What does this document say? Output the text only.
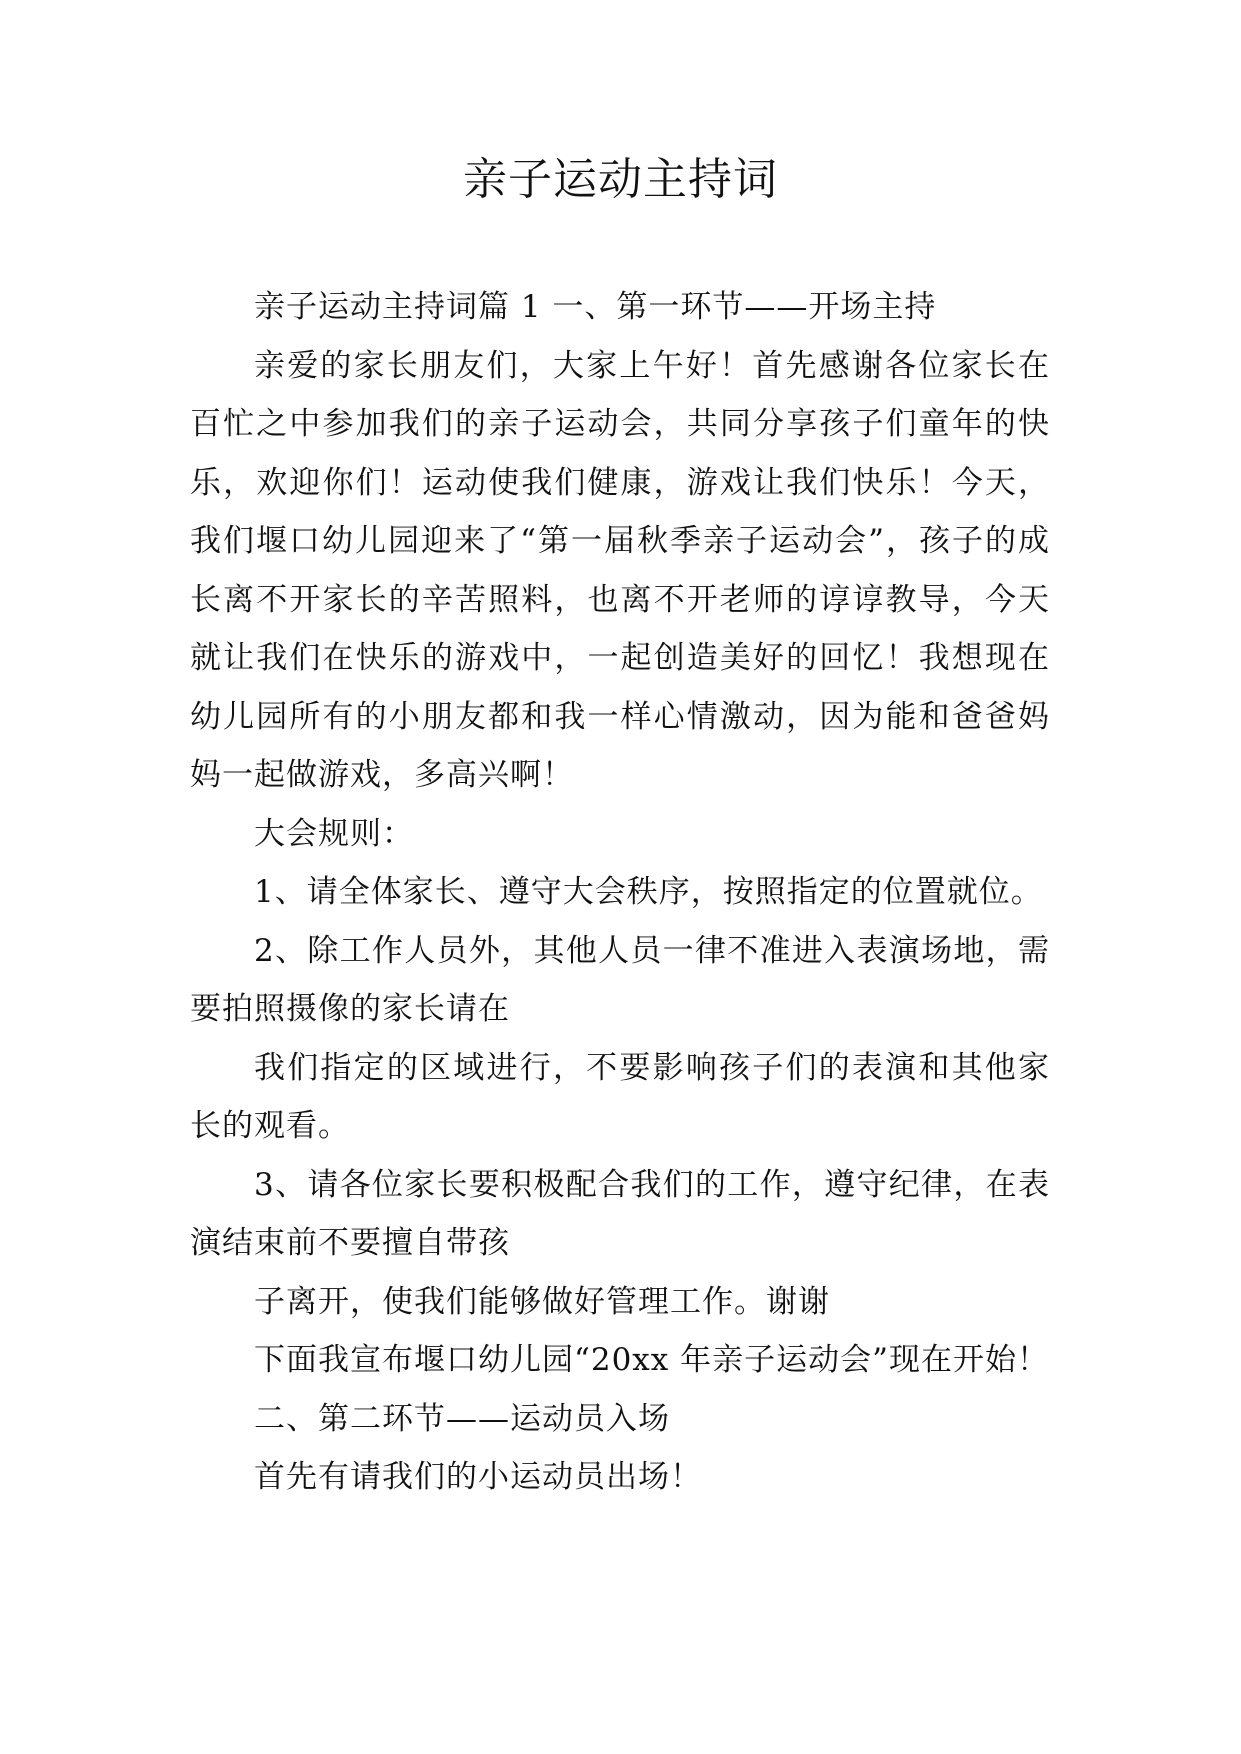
亲子运动主持词

亲子运动主持词篇 1 一、第一环节——开场主持

亲爱的家长朋友们，大家上午好！首先感谢各位家长在百忙之中参加我们的亲子运动会，共同分享孩子们童年的快乐，欢迎你们！运动使我们健康，游戏让我们快乐！今天，我们堰口幼儿园迎来了“第一届秋季亲子运动会”，孩子的成长离不开家长的辛苦照料，也离不开老师的谆谆教导，今天就让我们在快乐的游戏中，一起创造美好的回忆！我想现在幼儿园所有的小朋友都和我一样心情激动，因为能和爸爸妈妈一起做游戏，多高兴啊！

大会规则：

1、请全体家长、遵守大会秩序，按照指定的位置就位。

2、除工作人员外，其他人员一律不准进入表演场地，需要拍照摄像的家长请在

我们指定的区域进行，不要影响孩子们的表演和其他家长的观看。

3、请各位家长要积极配合我们的工作，遵守纪律，在表演结束前不要擅自带孩

子离开，使我们能够做好管理工作。谢谢

下面我宣布堰口幼儿园“20xx 年亲子运动会”现在开始！

二、第二环节——运动员入场

首先有请我们的小运动员出场！
